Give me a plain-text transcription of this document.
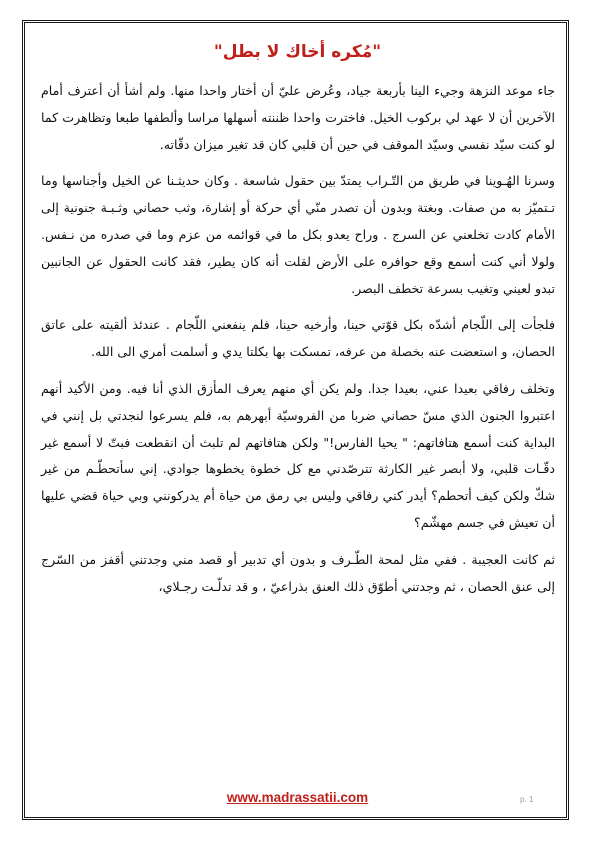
"مُكره أخاك لا بطل"

جاء موعد النزهة وجيء الينا بأربعة جياد، وعُرض عليّ أن أختار واحدا منها. ولم أشأ أن أعترف أمام الآخرين أن لا عهد لي بركوب الخيل. فاخترت واحدا ظننته أسهلها مراسا وألطفها طبعا وتظاهرت كما لو كنت سيّد نفسي وسيّد الموقف في حين أن قلبي كان قد تغير ميزان دقّاته.

وسرنا الهُـوينا في طريق من التّـراب يمتدّ بين حقول شاسعة . وكان حديثـنا عن الخيل وأجناسها وما تـتميّز به من صفات. وبغتة وبدون أن تصدر منّي أي حركة أو إشارة، وثب حصاني وثـبـة جنونية إلى الأمام كادت تخلعني عن السرج . وراح يعدو بكل ما في قوائمه من عزم وما في صدره من نـفس. ولولا أني كنت أسمع وقع حوافره على الأرض لقلت أنه كان يطير، فقد كانت الحقول عن الجانبين تبدو لعيني وتغيب بسرعة تخطف البصر.

فلجأت إلى اللّجام أشدّه بكل قوّتي حينا، وأرخيه حينا، فلم ينفعني اللّجام . عندئذ ألقيته على عاتق الحصان، و استعضت عنه بخصلة من عرفه، تمسكت بها بكلتا يدي و أسلمت أمري الى الله.

وتخلف رفاقي بعيدا عني، بعيدا جدا. ولم يكن أي منهم يعرف المأزق الذي أنا فيه. ومن الأكيد أنهم اعتبروا الجنون الذي مسّ حصاني ضربا من الفروسيّة أبهرهم به، فلم يسرعوا لنجدتي بل إنني في البداية كنت أسمع هتافاتهم: " يحيا الفارس!" ولكن هتافاتهم لم تلبث أن انقطعت فبتّ لا أسمع غير دقّـات قلبي، ولا أبصر غير الكارثة تترصّدني مع كل خطوة يخطوها جوادي. إني سأتحطّـم من غير شكّ ولكن كيف أتحطم؟ أيدر كني رفاقي وليس بي رمق من حياة أم يدركونني وبي حياة قضي عليها أن تعيش في جسم مهشّم؟

ثم كانت العجيبة . ففي مثل لمحة الطّـرف و بدون أي تدبير أو قصد مني وجدتني أقفز من السّرج إلى عنق الحصان ، ثم وجدتني أطوّق ذلك العنق بذراعيّ ، و قد تدلّـت رجـلاي،

www.madrassatii.com	p. 1
